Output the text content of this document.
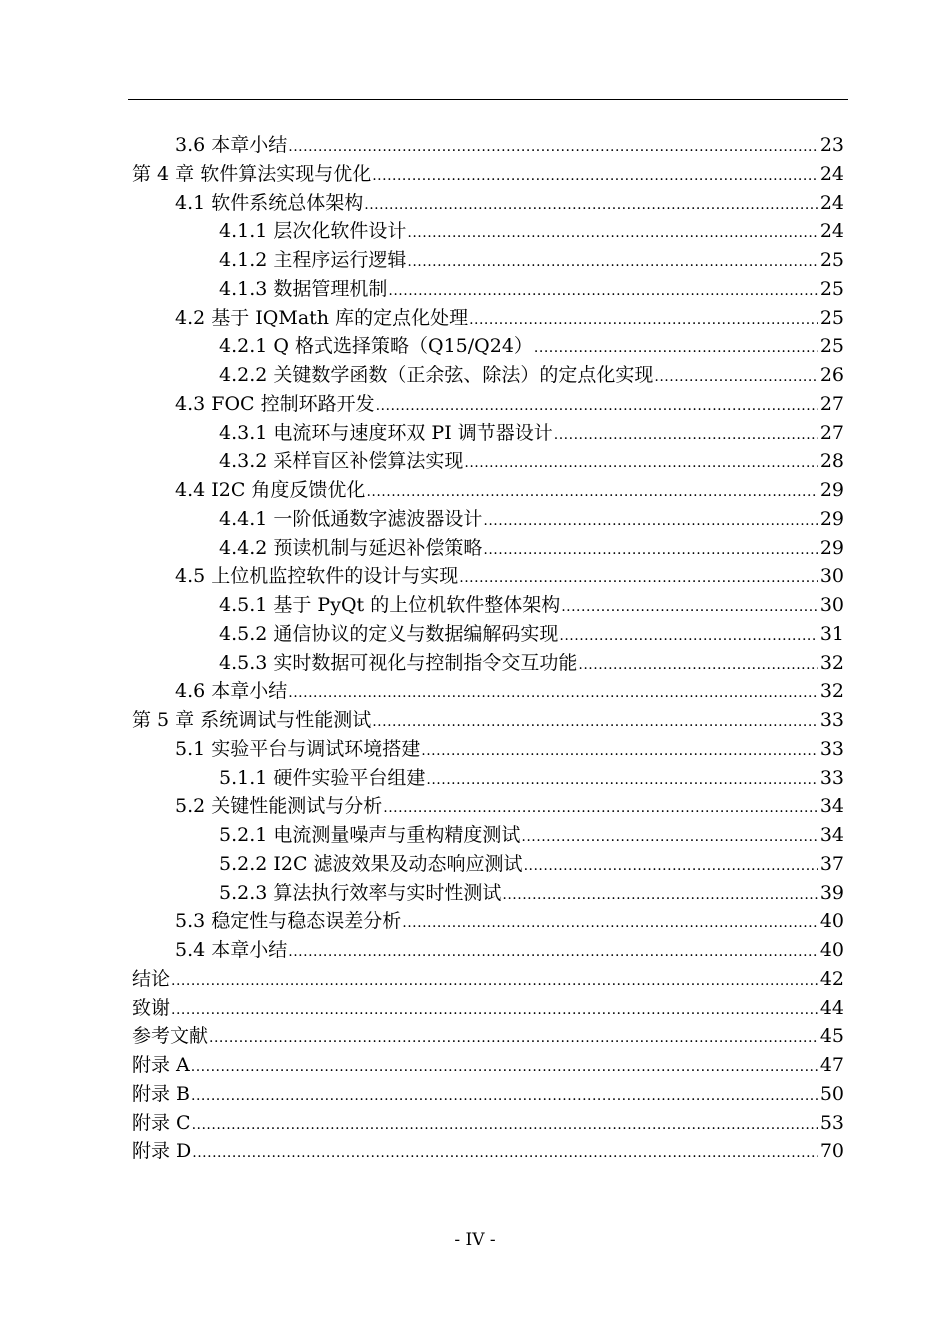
3.6 本章小结 .....	23
第 4 章 软件算法实现与优化 .....	24
4.1 软件系统总体架构 .....	24
4.1.1 层次化软件设计 .....	24
4.1.2 主程序运行逻辑 .....	25
4.1.3 数据管理机制 .....	25
4.2 基于 IQMath 库的定点化处理 .....	25
4.2.1 Q 格式选择策略（Q15/Q24） .....	25
4.2.2 关键数学函数（正余弦、除法）的定点化实现 .....	26
4.3 FOC 控制环路开发 .....	27
4.3.1 电流环与速度环双 PI 调节器设计 .....	27
4.3.2 采样盲区补偿算法实现 .....	28
4.4 I2C 角度反馈优化 .....	29
4.4.1 一阶低通数字滤波器设计 .....	29
4.4.2 预读机制与延迟补偿策略 .....	29
4.5 上位机监控软件的设计与实现 .....	30
4.5.1 基于 PyQt 的上位机软件整体架构 .....	30
4.5.2 通信协议的定义与数据编解码实现 .....	31
4.5.3 实时数据可视化与控制指令交互功能 .....	32
4.6 本章小结 .....	32
第 5 章 系统调试与性能测试 .....	33
5.1 实验平台与调试环境搭建 .....	33
5.1.1 硬件实验平台组建 .....	33
5.2 关键性能测试与分析 .....	34
5.2.1 电流测量噪声与重构精度测试 .....	34
5.2.2 I2C 滤波效果及动态响应测试 .....	37
5.2.3 算法执行效率与实时性测试 .....	39
5.3 稳定性与稳态误差分析 .....	40
5.4 本章小结 .....	40
结论 .....	42
致谢 .....	44
参考文献 .....	45
附录 A .....	47
附录 B .....	50
附录 C .....	53
附录 D .....	70
- IV -
